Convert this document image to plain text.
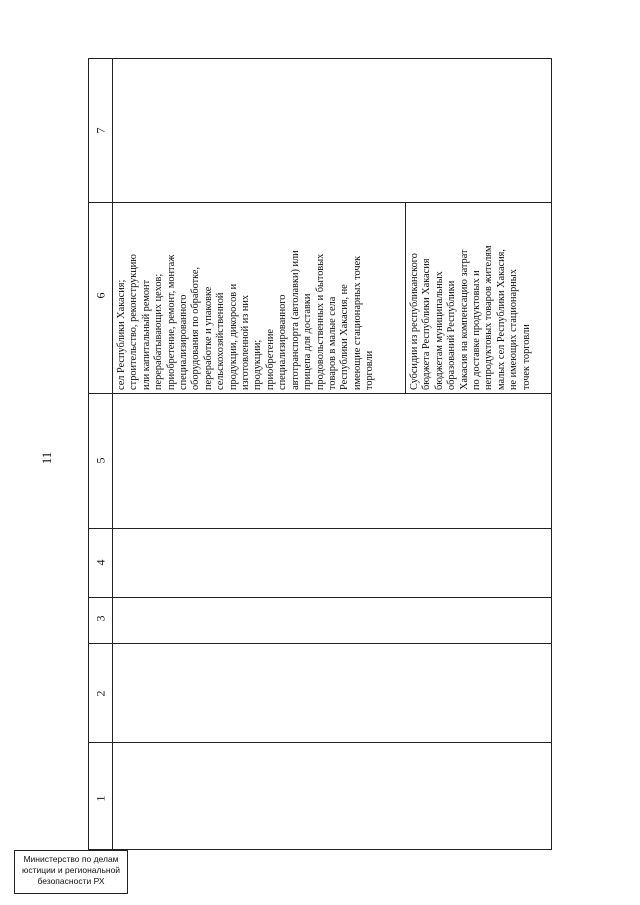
11
7
6
5
4
3
2
1
сел Республики Хакасия;
строительство, реконструкцию
или капитальный ремонт
перерабатывающих цехов;
приобретение, ремонт, монтаж
специализированного
оборудования по обработке,
переработке и упаковке
сельскохозяйственной
продукции, дикоросов и
изготовленной из них
продукции;
приобретение
специализированного
автотранспорта (автолавки) или
прицепа для доставки
продовольственных и бытовых
товаров в малые села
Республики Хакасия, не
имеющие стационарных точек
торговли	Субсидии из республиканского
бюджета Республики Хакасия
бюджетам муниципальных
образований Республики
Хакасия на компенсацию затрат
по доставке продуктовых и
непродуктовых товаров жителям
малых сел Республики Хакасия,
не имеющих стационарных
точек торговли
Министерство по делам
юстиции и региональной
безопасности РХ
